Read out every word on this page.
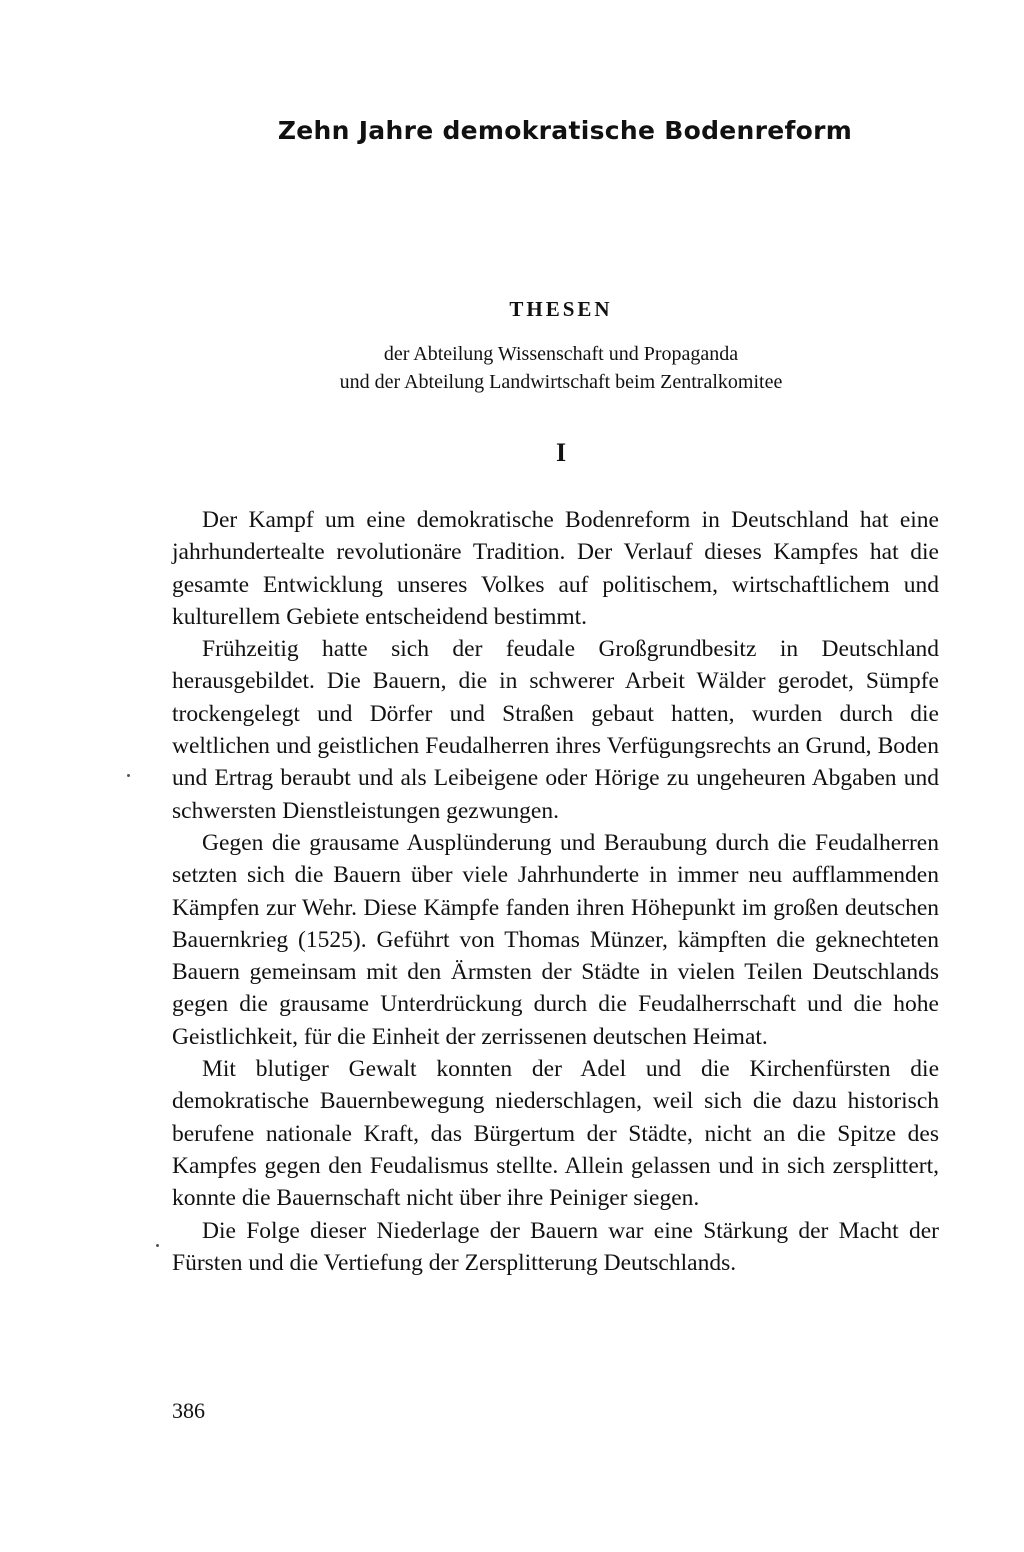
Zehn Jahre demokratische Bodenreform
THESEN
der Abteilung Wissenschaft und Propaganda
und der Abteilung Landwirtschaft beim Zentralkomitee
I

Der Kampf um eine demokratische Bodenreform in Deutschland hat eine jahrhundertealte revolutionäre Tradition. Der Verlauf dieses Kampfes hat die gesamte Entwicklung unseres Volkes auf politischem, wirtschaftlichem und kulturellem Gebiete entscheidend bestimmt.

Frühzeitig hatte sich der feudale Großgrundbesitz in Deutschland herausgebildet. Die Bauern, die in schwerer Arbeit Wälder gerodet, Sümpfe trockengelegt und Dörfer und Straßen gebaut hatten, wurden durch die weltlichen und geistlichen Feudalherren ihres Verfügungsrechts an Grund, Boden und Ertrag beraubt und als Leibeigene oder Hörige zu ungeheuren Abgaben und schwersten Dienstleistungen gezwungen.

Gegen die grausame Ausplünderung und Beraubung durch die Feudalherren setzten sich die Bauern über viele Jahrhunderte in immer neu aufflammenden Kämpfen zur Wehr. Diese Kämpfe fanden ihren Höhepunkt im großen deutschen Bauernkrieg (1525). Geführt von Thomas Münzer, kämpften die geknechteten Bauern gemeinsam mit den Ärmsten der Städte in vielen Teilen Deutschlands gegen die grausame Unterdrückung durch die Feudalherrschaft und die hohe Geistlichkeit, für die Einheit der zerrissenen deutschen Heimat.

Mit blutiger Gewalt konnten der Adel und die Kirchenfürsten die demokratische Bauernbewegung niederschlagen, weil sich die dazu historisch berufene nationale Kraft, das Bürgertum der Städte, nicht an die Spitze des Kampfes gegen den Feudalismus stellte. Allein gelassen und in sich zersplittert, konnte die Bauernschaft nicht über ihre Peiniger siegen.

Die Folge dieser Niederlage der Bauern war eine Stärkung der Macht der Fürsten und die Vertiefung der Zersplitterung Deutschlands.

386
